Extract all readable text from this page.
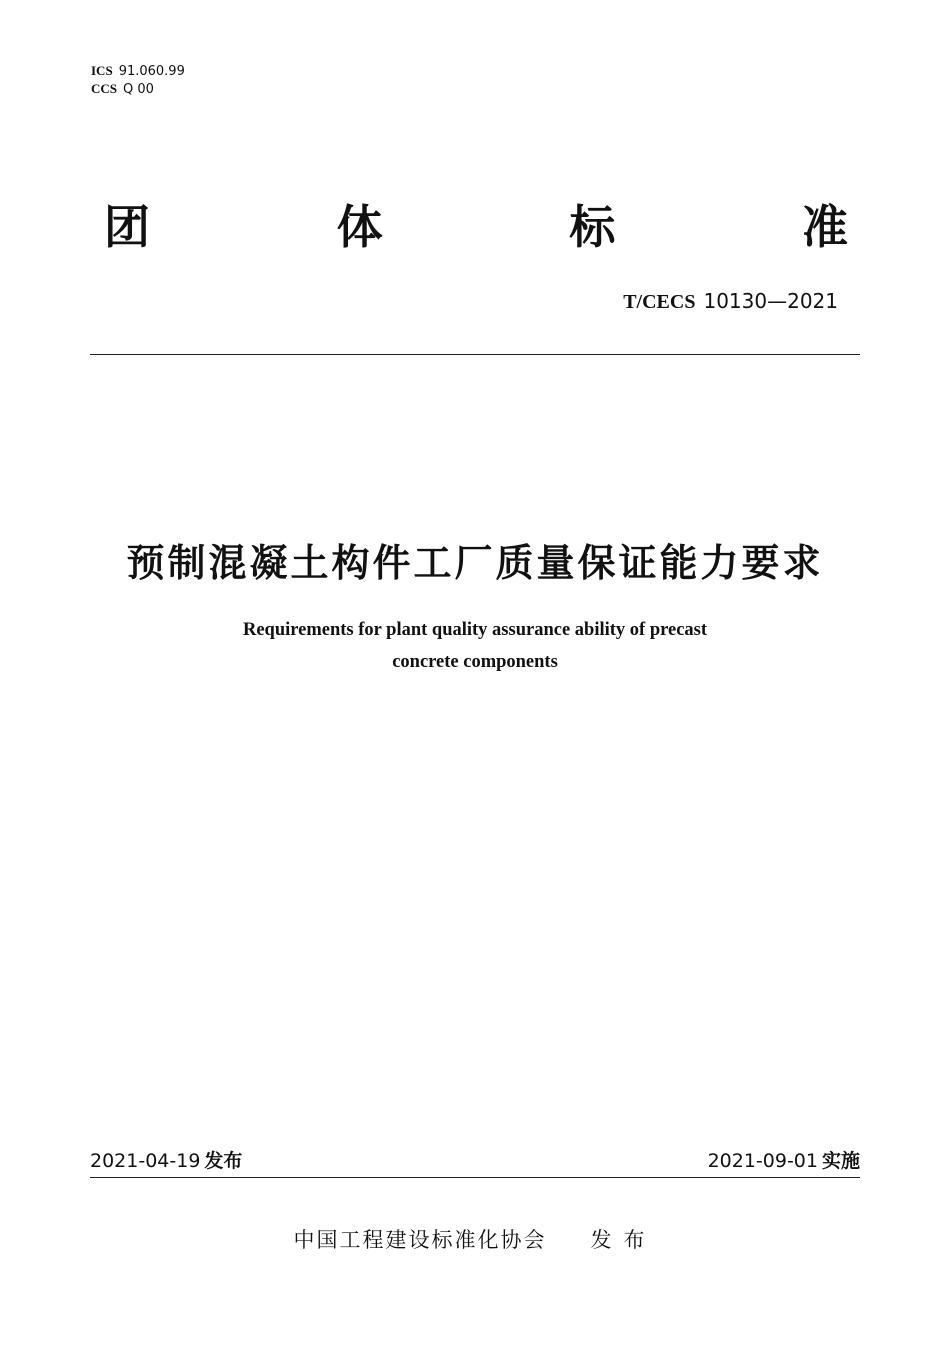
ICS 91.060.99
CCS Q 00
团	体	标	准
T/CECS 10130—2021
预制混凝土构件工厂质量保证能力要求
Requirements for plant quality assurance ability of precast
concrete components
2021-04-19 发布	2021-09-01 实施
中国工程建设标准化协会 发布
